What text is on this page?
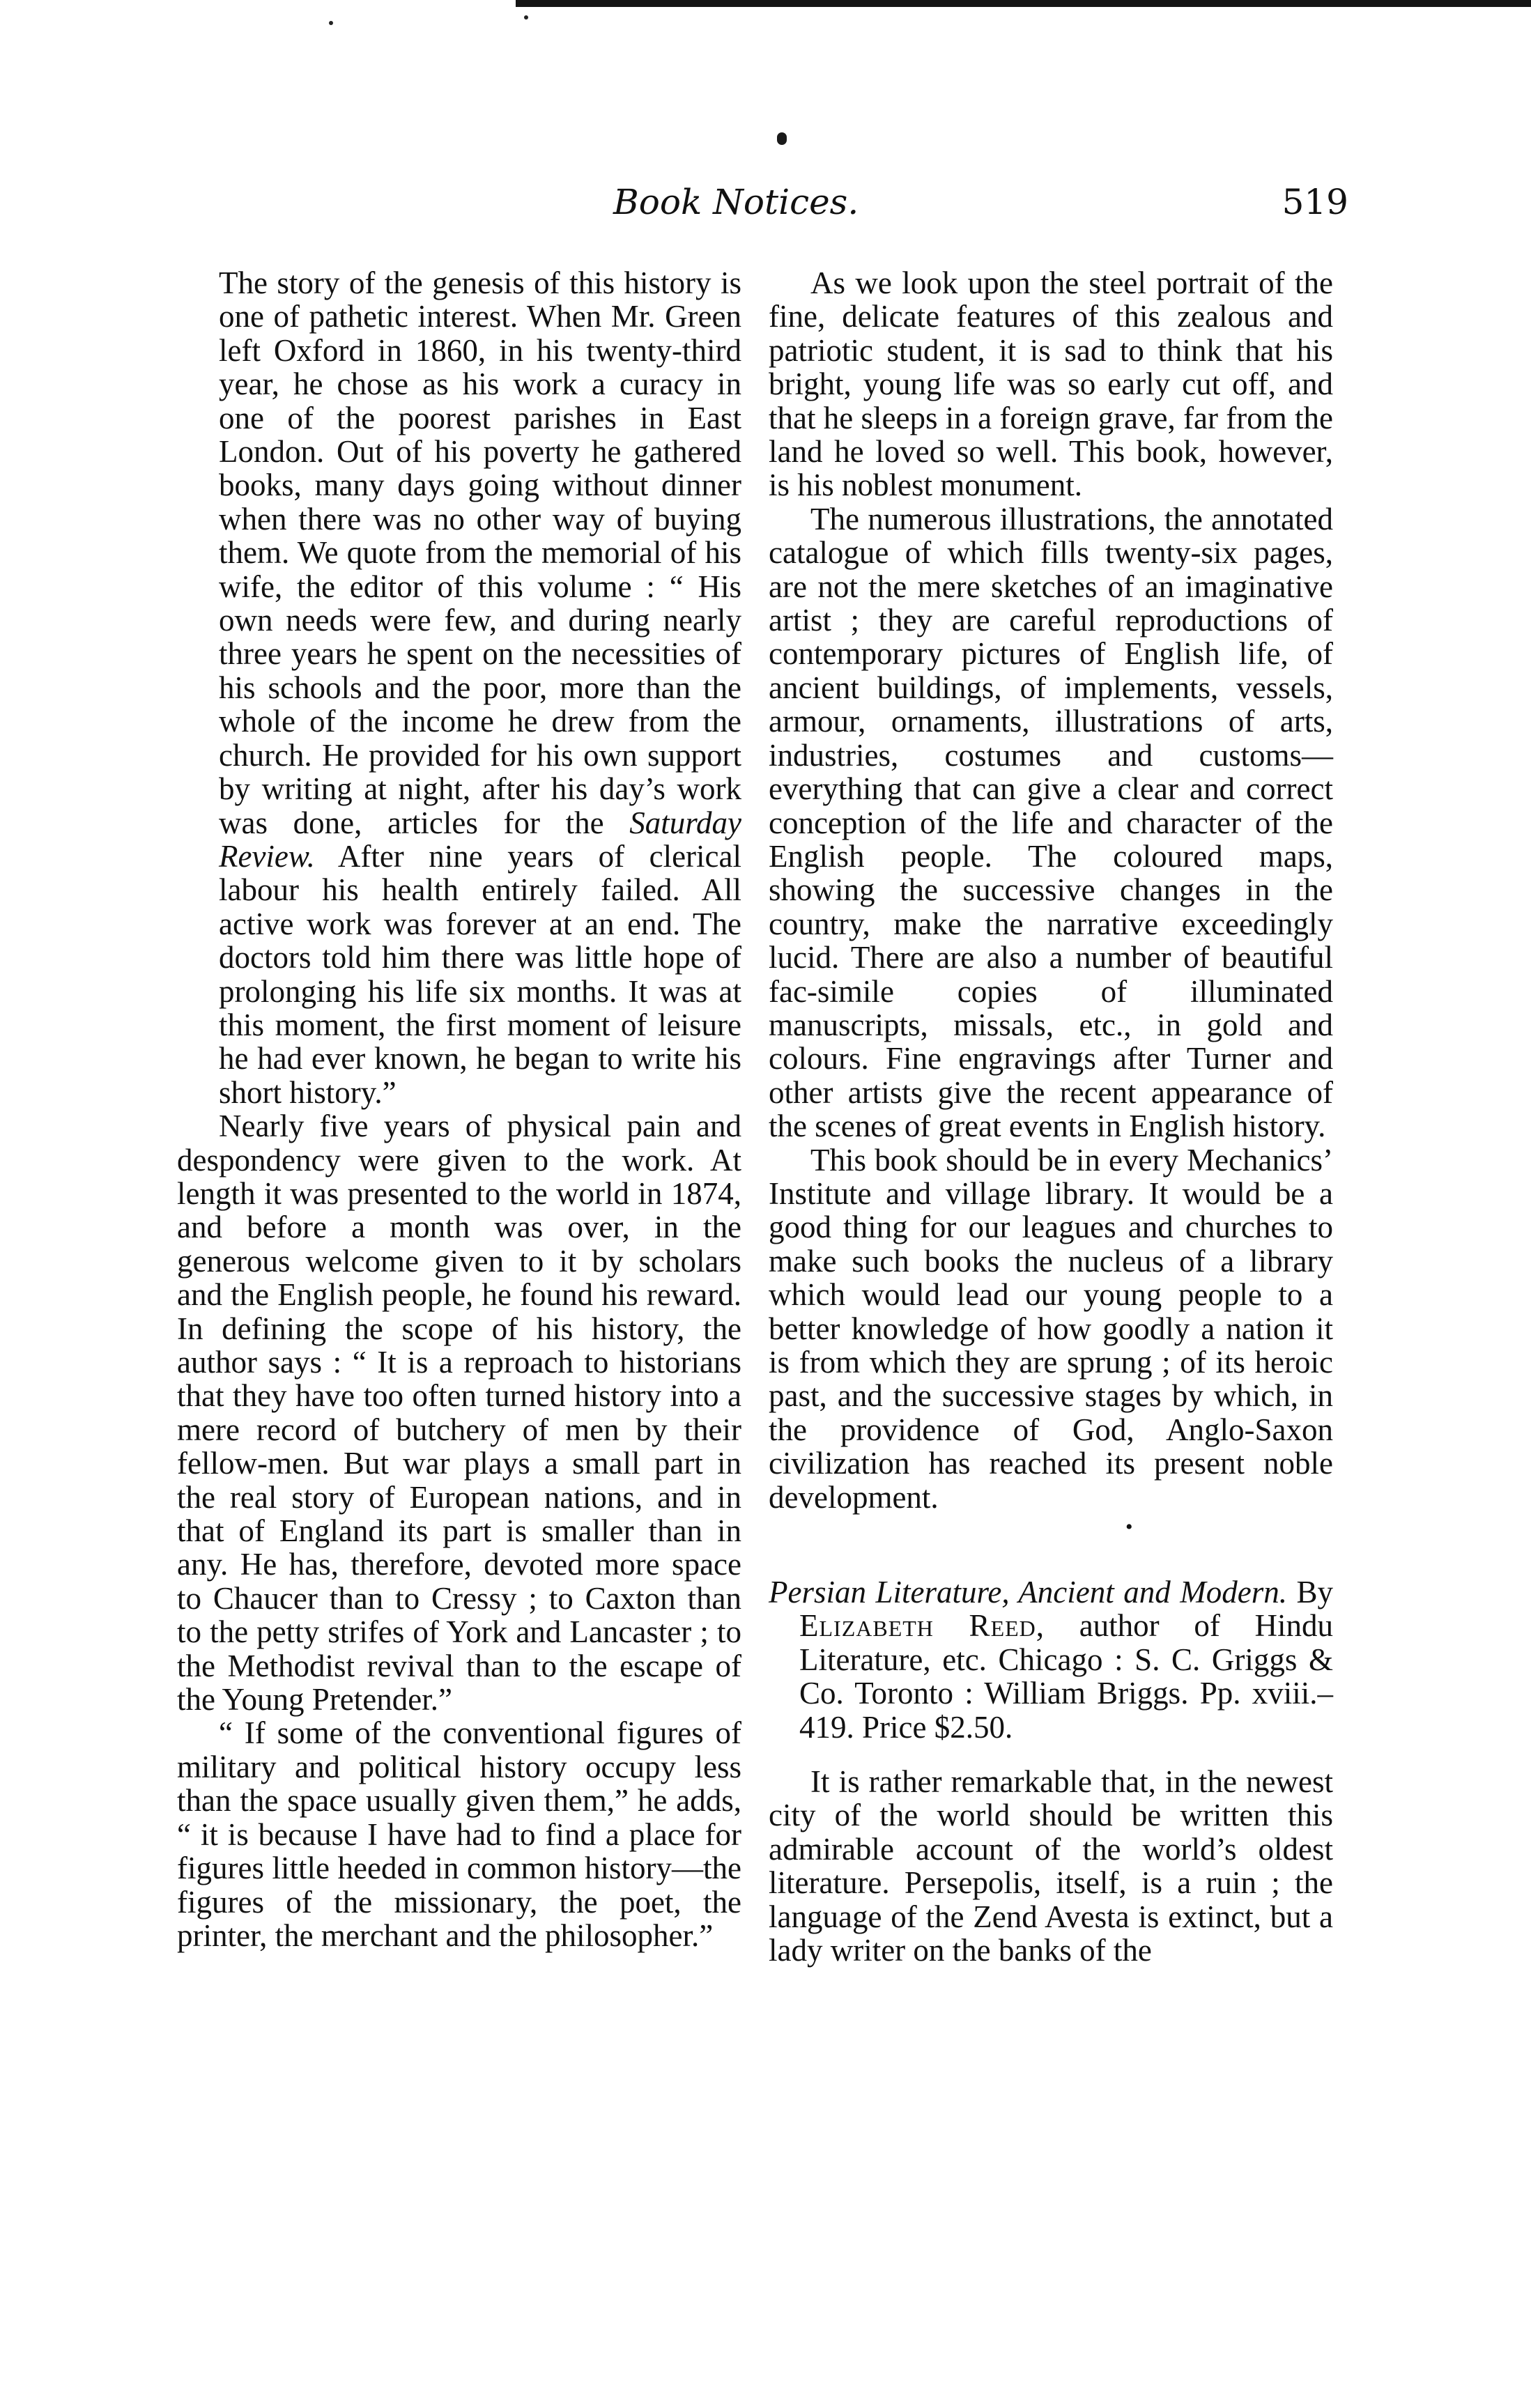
Book Notices.	519

The story of the genesis of this history is one of pathetic interest. When Mr. Green left Oxford in 1860, in his twenty-third year, he chose as his work a curacy in one of the poorest parishes in East London. Out of his poverty he gathered books, many days going without dinner when there was no other way of buying them. We quote from the memorial of his wife, the editor of this volume : “ His own needs were few, and during nearly three years he spent on the necessities of his schools and the poor, more than the whole of the income he drew from the church. He provided for his own support by writing at night, after his day’s work was done, articles for the Saturday Review. After nine years of clerical labour his health entirely failed. All active work was forever at an end. The doctors told him there was little hope of prolonging his life six months. It was at this moment, the first moment of leisure he had ever known, he began to write his short history.”

Nearly five years of physical pain and despondency were given to the work. At length it was presented to the world in 1874, and before a month was over, in the generous welcome given to it by scholars and the English people, he found his reward. In defining the scope of his history, the author says : “ It is a reproach to historians that they have too often turned history into a mere record of butchery of men by their fellow-men. But war plays a small part in the real story of European nations, and in that of England its part is smaller than in any. He has, therefore, devoted more space to Chaucer than to Cressy ; to Caxton than to the petty strifes of York and Lancaster ; to the Methodist revival than to the escape of the Young Pretender.”

“ If some of the conventional figures of military and political history occupy less than the space usually given them,” he adds, “ it is because I have had to find a place for figures little heeded in common history—the figures of the missionary, the poet, the printer, the merchant and the philosopher.”

As we look upon the steel portrait of the fine, delicate features of this zealous and patriotic student, it is sad to think that his bright, young life was so early cut off, and that he sleeps in a foreign grave, far from the land he loved so well. This book, however, is his noblest monument.

The numerous illustrations, the annotated catalogue of which fills twenty-six pages, are not the mere sketches of an imaginative artist ; they are careful reproductions of contemporary pictures of English life, of ancient buildings, of implements, vessels, armour, ornaments, illustrations of arts, industries, costumes and customs—everything that can give a clear and correct conception of the life and character of the English people. The coloured maps, showing the successive changes in the country, make the narrative exceedingly lucid. There are also a number of beautiful fac-simile copies of illuminated manuscripts, missals, etc., in gold and colours. Fine engravings after Turner and other artists give the recent appearance of the scenes of great events in English history.

This book should be in every Mechanics’ Institute and village library. It would be a good thing for our leagues and churches to make such books the nucleus of a library which would lead our young people to a better knowledge of how goodly a nation it is from which they are sprung ; of its heroic past, and the successive stages by which, in the providence of God, Anglo-Saxon civilization has reached its present noble development.

•
Persian Literature, Ancient and Modern. By Elizabeth Reed, author of Hindu Literature, etc. Chicago : S. C. Griggs & Co. Toronto : William Briggs. Pp. xviii.–419. Price $2.50.

It is rather remarkable that, in the newest city of the world should be written this admirable account of the world’s oldest literature. Persepolis, itself, is a ruin ; the language of the Zend Avesta is extinct, but a lady writer on the banks of the
